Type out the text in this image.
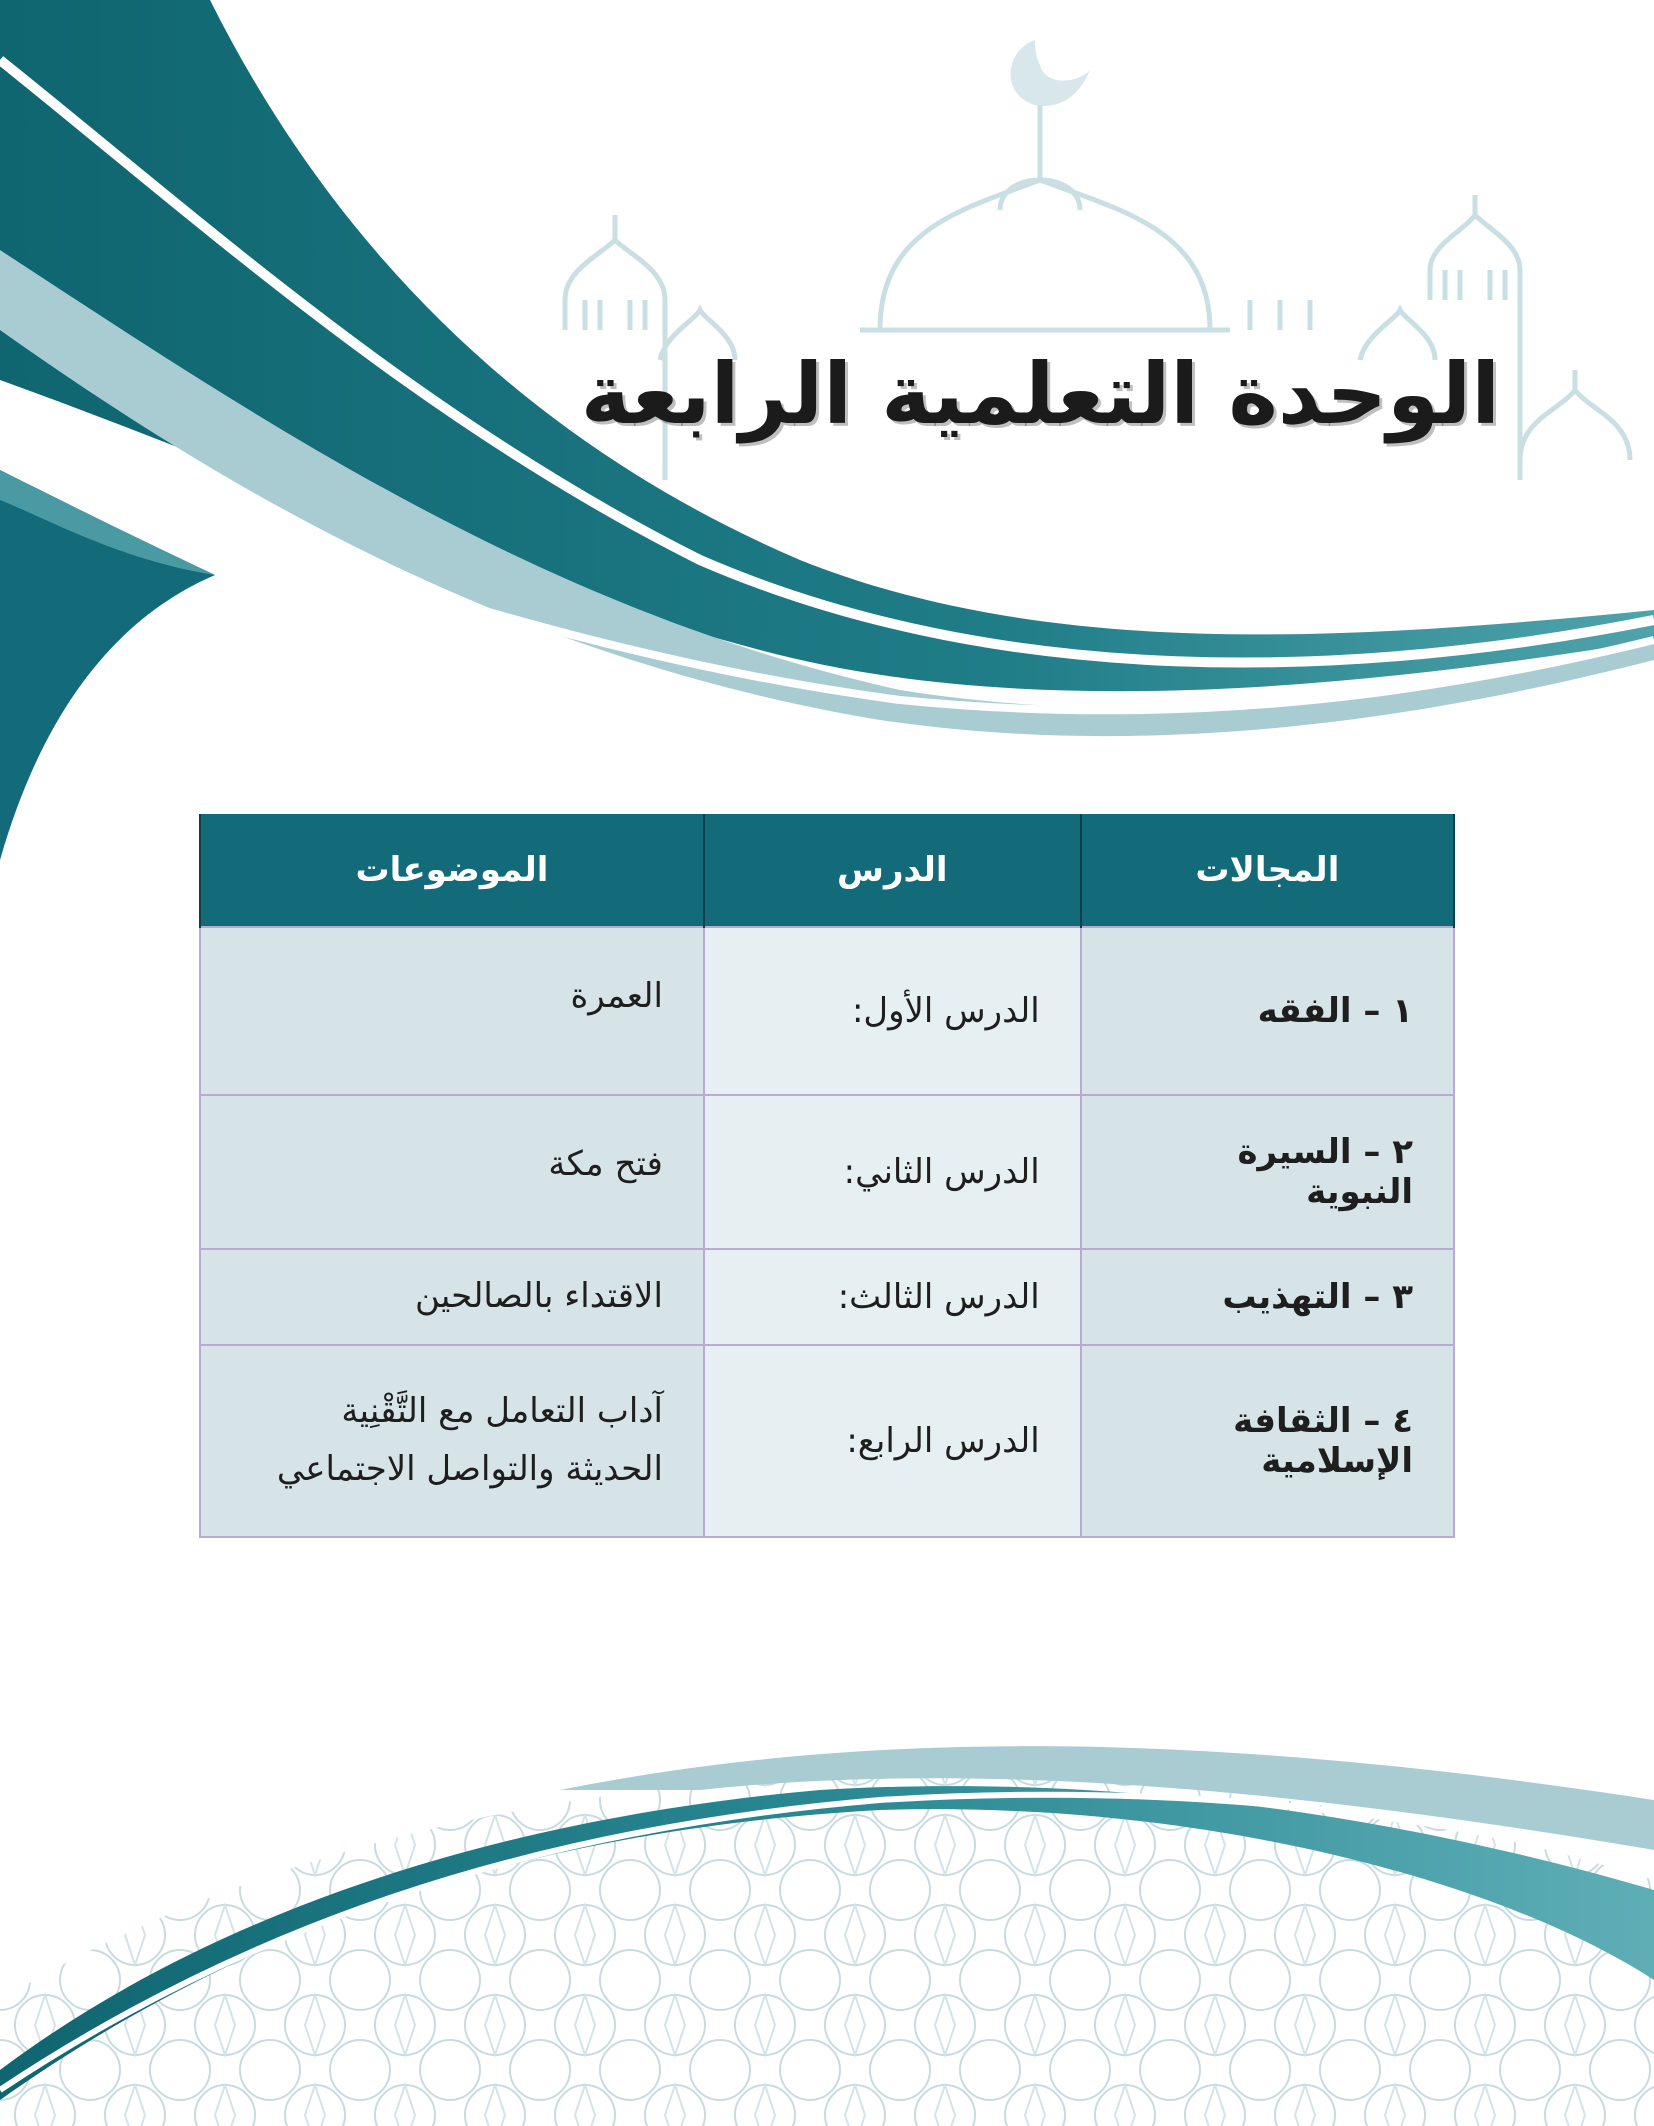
الوحدة التعلمية الرابعة
المجالات	الدرس	الموضوعات
١ – الفقه	الدرس الأول:	العمرة
٢ – السيرة النبوية	الدرس الثاني:	فتح مكة
٣ – التهذيب	الدرس الثالث:	الاقتداء بالصالحين
٤ – الثقافة الإسلامية	الدرس الرابع:	آداب التعامل مع التَّقْنِية الحديثة والتواصل الاجتماعي
